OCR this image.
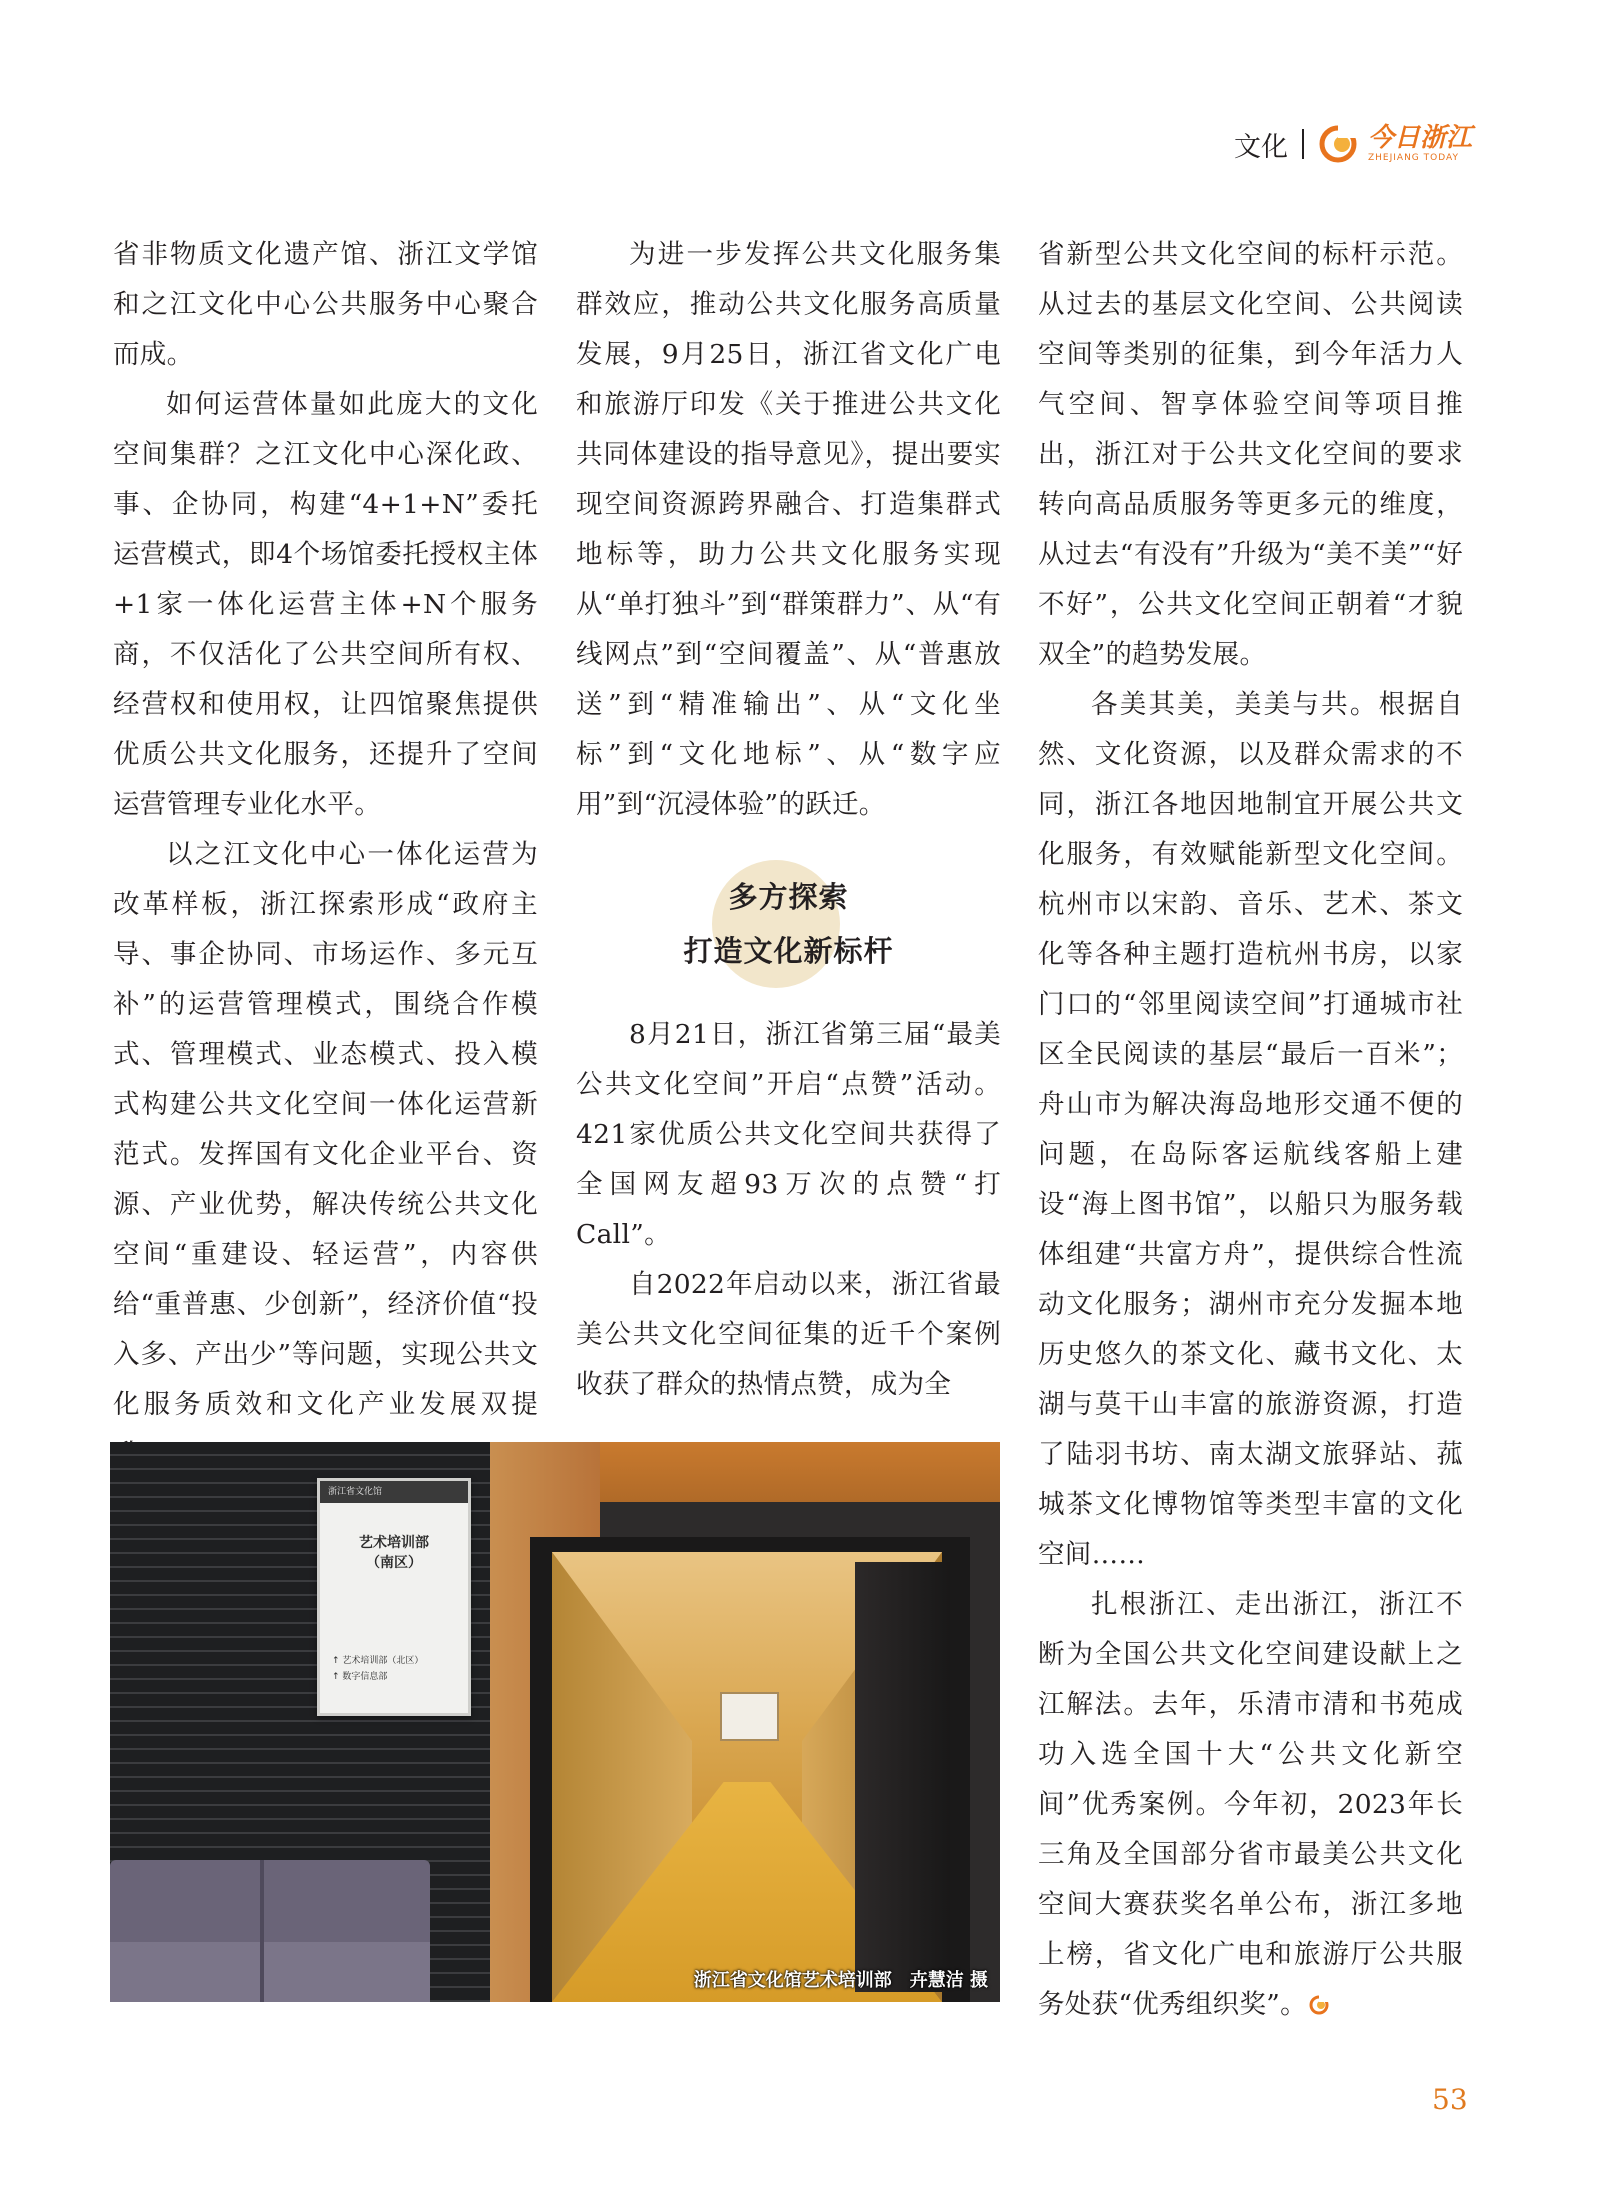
文化	今日浙江
ZHEJIANG TODAY

省非物质文化遗产馆、浙江文学馆和之江文化中心公共服务中心聚合而成。

如何运营体量如此庞大的文化空间集群？之江文化中心深化政、事、企协同，构建“4+1+N”委托运营模式，即4个场馆委托授权主体+1家一体化运营主体+N个服务商，不仅活化了公共空间所有权、经营权和使用权，让四馆聚焦提供优质公共文化服务，还提升了空间运营管理专业化水平。

以之江文化中心一体化运营为改革样板，浙江探索形成“政府主导、事企协同、市场运作、多元互补”的运营管理模式，围绕合作模式、管理模式、业态模式、投入模式构建公共文化空间一体化运营新范式。发挥国有文化企业平台、资源、产业优势，解决传统公共文化空间“重建设、轻运营”，内容供给“重普惠、少创新”，经济价值“投入多、产出少”等问题，实现公共文化服务质效和文化产业发展双提

为进一步发挥公共文化服务集群效应，推动公共文化服务高质量发展，9月25日，浙江省文化广电和旅游厅印发《关于推进公共文化共同体建设的指导意见》，提出要实现空间资源跨界融合、打造集群式地标等，助力公共文化服务实现从“单打独斗”到“群策群力”、从“有线网点”到“空间覆盖”、从“普惠放送”到“精准输出”、从“文化坐标”到“文化地标”、从“数字应用”到“沉浸体验”的跃迁。

多方探索
打造文化新标杆

8月21日，浙江省第三届“最美公共文化空间”开启“点赞”活动。421家优质公共文化空间共获得了全国网友超93万次的点赞“打Call”。

自2022年启动以来，浙江省最美公共文化空间征集的近千个案例收获了群众的热情点赞，成为全

省新型公共文化空间的标杆示范。从过去的基层文化空间、公共阅读空间等类别的征集，到今年活力人气空间、智享体验空间等项目推出，浙江对于公共文化空间的要求转向高品质服务等更多元的维度，从过去“有没有”升级为“美不美”“好不好”，公共文化空间正朝着“才貌双全”的趋势发展。

各美其美，美美与共。根据自然、文化资源，以及群众需求的不同，浙江各地因地制宜开展公共文化服务，有效赋能新型文化空间。杭州市以宋韵、音乐、艺术、茶文化等各种主题打造杭州书房，以家门口的“邻里阅读空间”打通城市社区全民阅读的基层“最后一百米”；舟山市为解决海岛地形交通不便的问题，在岛际客运航线客船上建设“海上图书馆”，以船只为服务载体组建“共富方舟”，提供综合性流动文化服务；湖州市充分发掘本地历史悠久的茶文化、藏书文化、太湖与莫干山丰富的旅游资源，打造了陆羽书坊、南太湖文旅驿站、菰城茶文化博物馆等类型丰富的文化空间……

扎根浙江、走出浙江，浙江不断为全国公共文化空间建设献上之江解法。去年，乐清市清和书苑成功入选全国十大“公共文化新空间”优秀案例。今年初，2023年长三角及全国部分省市最美公共文化空间大赛获奖名单公布，浙江多地上榜，省文化广电和旅游厅公共服务处获“优秀组织奖”。

浙江省文化馆
艺术培训部
（南区）
↑ 艺术培训部（北区）
↑ 数字信息部
浙江省文化馆艺术培训部　卉慧洁 摄
53
